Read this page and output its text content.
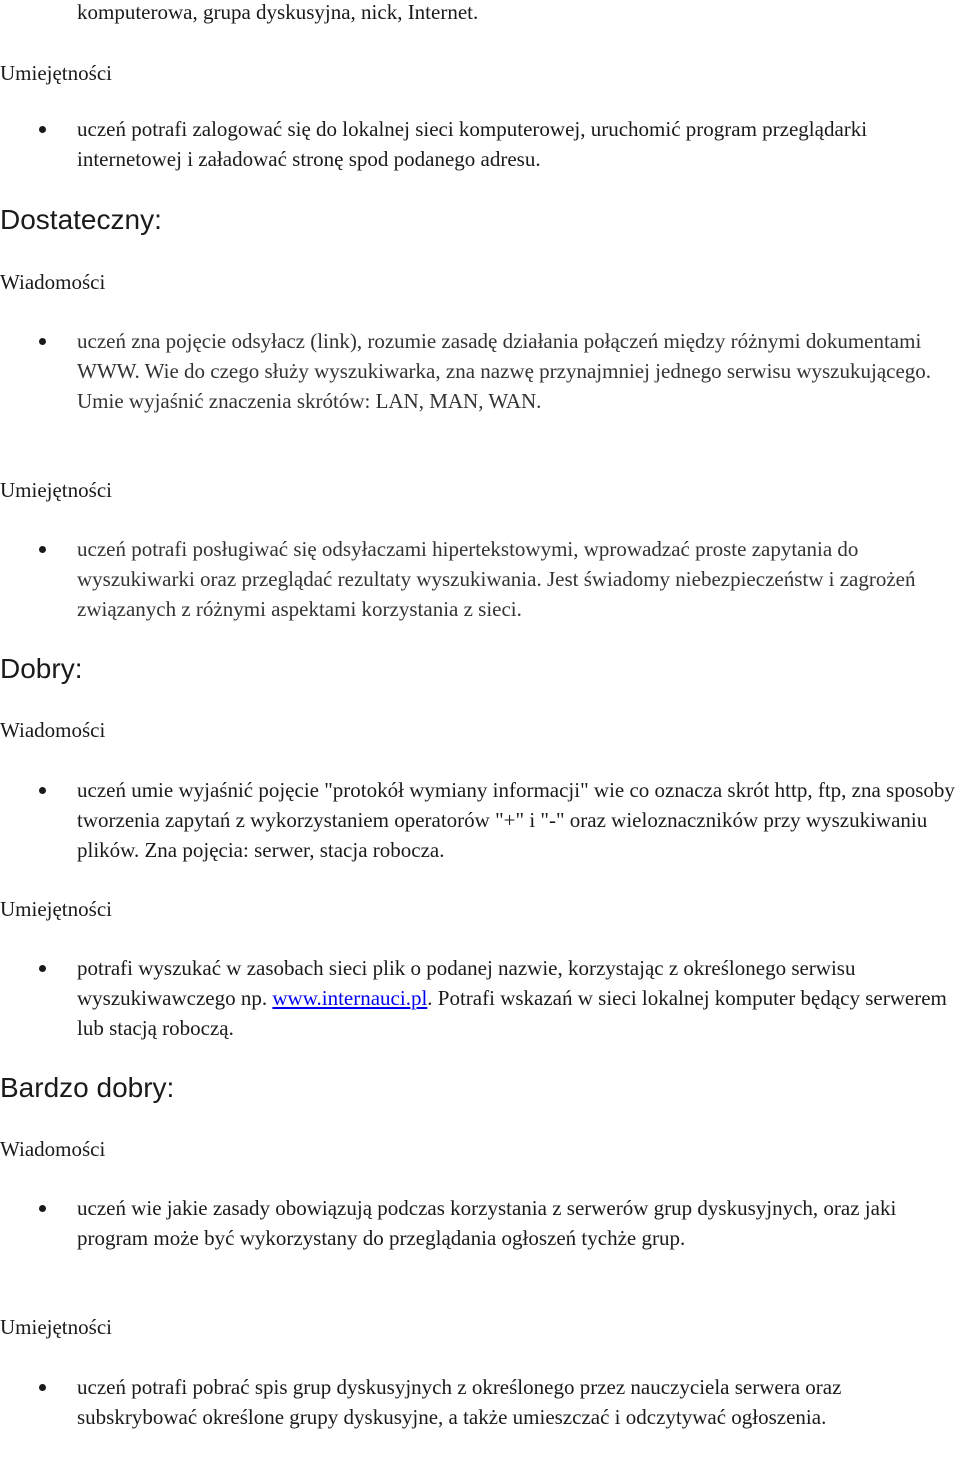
komputerowa, grupa dyskusyjna, nick, Internet.
Umiejętności
uczeń potrafi zalogować się do lokalnej sieci komputerowej, uruchomić program przeglądarki internetowej i załadować stronę spod podanego adresu.
Dostateczny:
Wiadomości
uczeń zna pojęcie odsyłacz (link), rozumie zasadę działania połączeń między różnymi dokumentami WWW. Wie do czego służy wyszukiwarka, zna nazwę przynajmniej jednego serwisu wyszukującego. Umie wyjaśnić znaczenia skrótów: LAN, MAN, WAN.
Umiejętności
uczeń potrafi posługiwać się odsyłaczami hipertekstowymi, wprowadzać proste zapytania do wyszukiwarki oraz przeglądać rezultaty wyszukiwania. Jest świadomy niebezpieczeństw i zagrożeń związanych z różnymi aspektami korzystania z sieci.
Dobry:
Wiadomości
uczeń umie wyjaśnić pojęcie "protokół wymiany informacji" wie co oznacza skrót http, ftp, zna sposoby tworzenia zapytań z wykorzystaniem operatorów "+" i "-" oraz wieloznaczników przy wyszukiwaniu plików. Zna pojęcia: serwer, stacja robocza.
Umiejętności
potrafi wyszukać w zasobach sieci plik o podanej nazwie, korzystając z określonego serwisu wyszukiwawczego np. www.internauci.pl. Potrafi wskazań w sieci lokalnej komputer będący serwerem lub stacją roboczą.
Bardzo dobry:
Wiadomości
uczeń wie jakie zasady obowiązują podczas korzystania z serwerów grup dyskusyjnych, oraz jaki program może być wykorzystany do przeglądania ogłoszeń tychże grup.
Umiejętności
uczeń potrafi pobrać spis grup dyskusyjnych z określonego przez nauczyciela serwera oraz subskrybować określone grupy dyskusyjne, a także umieszczać i odczytywać ogłoszenia.
